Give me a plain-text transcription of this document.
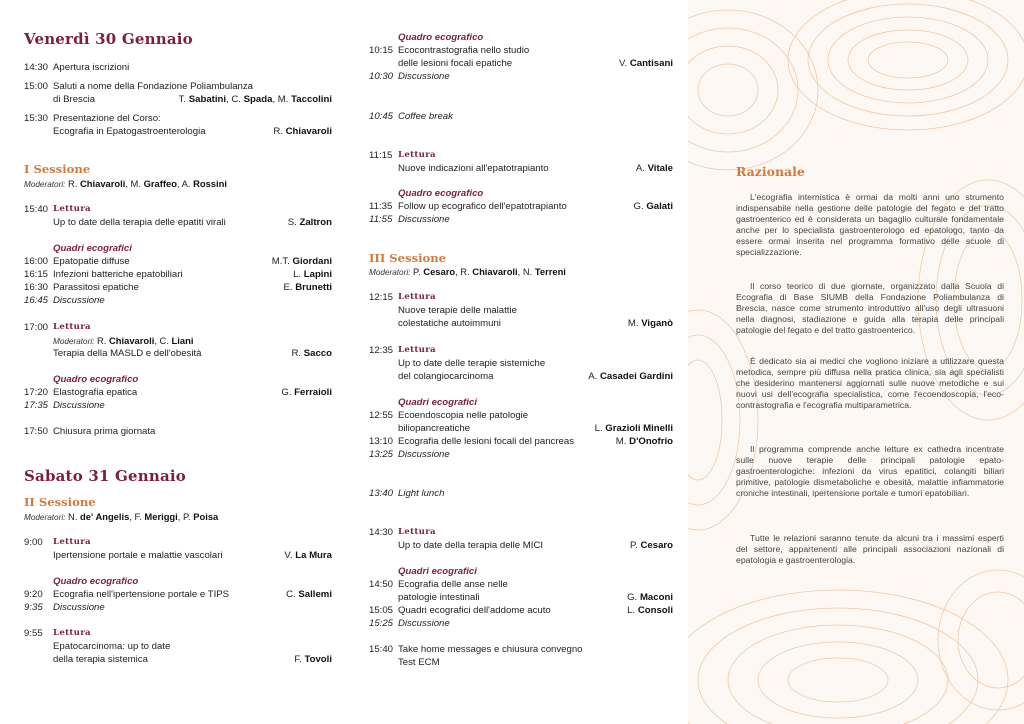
Venerdì 30 Gennaio
14:30 Apertura iscrizioni
15:00 Saluti a nome della Fondazione Poliambulanza
di Brescia	T. Sabatini, C. Spada, M. Taccolini
15:30 Presentazione del Corso:
Ecografia in Epatogastroenterologia	R. Chiavaroli
I Sessione
Moderatori: R. Chiavaroli, M. Graffeo, A. Rossini
15:40 Lettura
Up to date della terapia delle epatiti virali	S. Zaltron
Quadri ecografici
16:00 Epatopatie diffuse	M.T. Giordani
16:15 Infezioni batteriche epatobiliari	L. Lapini
16:30 Parassitosi epatiche	E. Brunetti
16:45 Discussione
17:00 Lettura
Moderatori: R. Chiavaroli, C. Liani
Terapia della MASLD e dell'obesità	R. Sacco
Quadro ecografico
17:20 Elastografia epatica	G. Ferraioli
17:35 Discussione
17:50 Chiusura prima giornata
Sabato 31 Gennaio
II Sessione
Moderatori: N. de' Angelis, F. Meriggi, P. Poisa
9:00	Lettura
Ipertensione portale e malattie vascolari	V. La Mura
Quadro ecografico
9:20	Ecografia nell'ipertensione portale e TIPS	C. Sallemi
9:35	Discussione
9:55	Lettura
Epatocarcinoma: up to date
della terapia sistemica	F. Tovoli
Quadro ecografico
10:15 Ecocontrastografia nello studio
delle lesioni focali epatiche	V. Cantisani
10:30 Discussione
10:45 Coffee break
11:15 Lettura
Nuove indicazioni all'epatotrapianto	A. Vitale
Quadro ecografico
11:35 Follow up ecografico dell'epatotrapianto	G. Galati
11:55 Discussione
III Sessione
Moderatori: P. Cesaro, R. Chiavaroli, N. Terreni
12:15 Lettura
Nuove terapie delle malattie
colestatiche autoimmuni	M. Viganò
12:35 Lettura
Up to date delle terapie sistemiche
del colangiocarcinoma	A. Casadei Gardini
Quadri ecografici
12:55 Ecoendoscopia nelle patologie
biliopancreatiche	L. Grazioli Minelli
13:10 Ecografia delle lesioni focali del pancreas	M. D'Onofrio
13:25 Discussione
13:40 Light lunch
14:30 Lettura
Up to date della terapia delle MICI	P. Cesaro
Quadri ecografici
14:50 Ecografia delle anse nelle
patologie intestinali	G. Maconi
15:05 Quadri ecografici dell'addome acuto	L. Consoli
15:25 Discussione
15:40 Take home messages e chiusura convegno
Test ECM
Razionale
L'ecografia internistica è ormai da molti anni uno strumento indispensabile nella gestione delle patologie del fegato e del tratto gastroenterico ed è considerata un bagaglio culturale fondamentale anche per lo specialista gastroenterologo ed epatologo, tanto da essere ormai inserita nel programma formativo delle scuole di specializzazione.
Il corso teorico di due giornate, organizzato dalla Scuola di Ecografia di Base SIUMB della Fondazione Poliambulanza di Brescia, nasce come strumento introduttivo all'uso degli ultrasuoni nella diagnosi, stadiazione e guida alla terapia delle principali patologie del fegato e del tratto gastroenterico.
È dedicato sia ai medici che vogliono iniziare a utilizzare questa metodica, sempre più diffusa nella pratica clinica, sia agli specialisti che desiderino mantenersi aggiornati sulle nuove metodiche e sui nuovi usi dell'ecografia specialistica, come l'ecoendoscopia, l'eco-contrastografia e l'ecografia multiparametrica.
Il programma comprende anche letture ex cathedra incentrate sulle nuove terapie delle principali patologie epato-gastroenterologiche: infezioni da virus epatitici, colangiti biliari primitive, patologie dismetaboliche e obesità, malattie infiammatorie croniche intestinali, ipertensione portale e tumori epatobiliari.
Tutte le relazioni saranno tenute da alcuni tra i massimi esperti del settore, appartenenti alle principali associazioni nazionali di epatologia e gastroenterologia.
